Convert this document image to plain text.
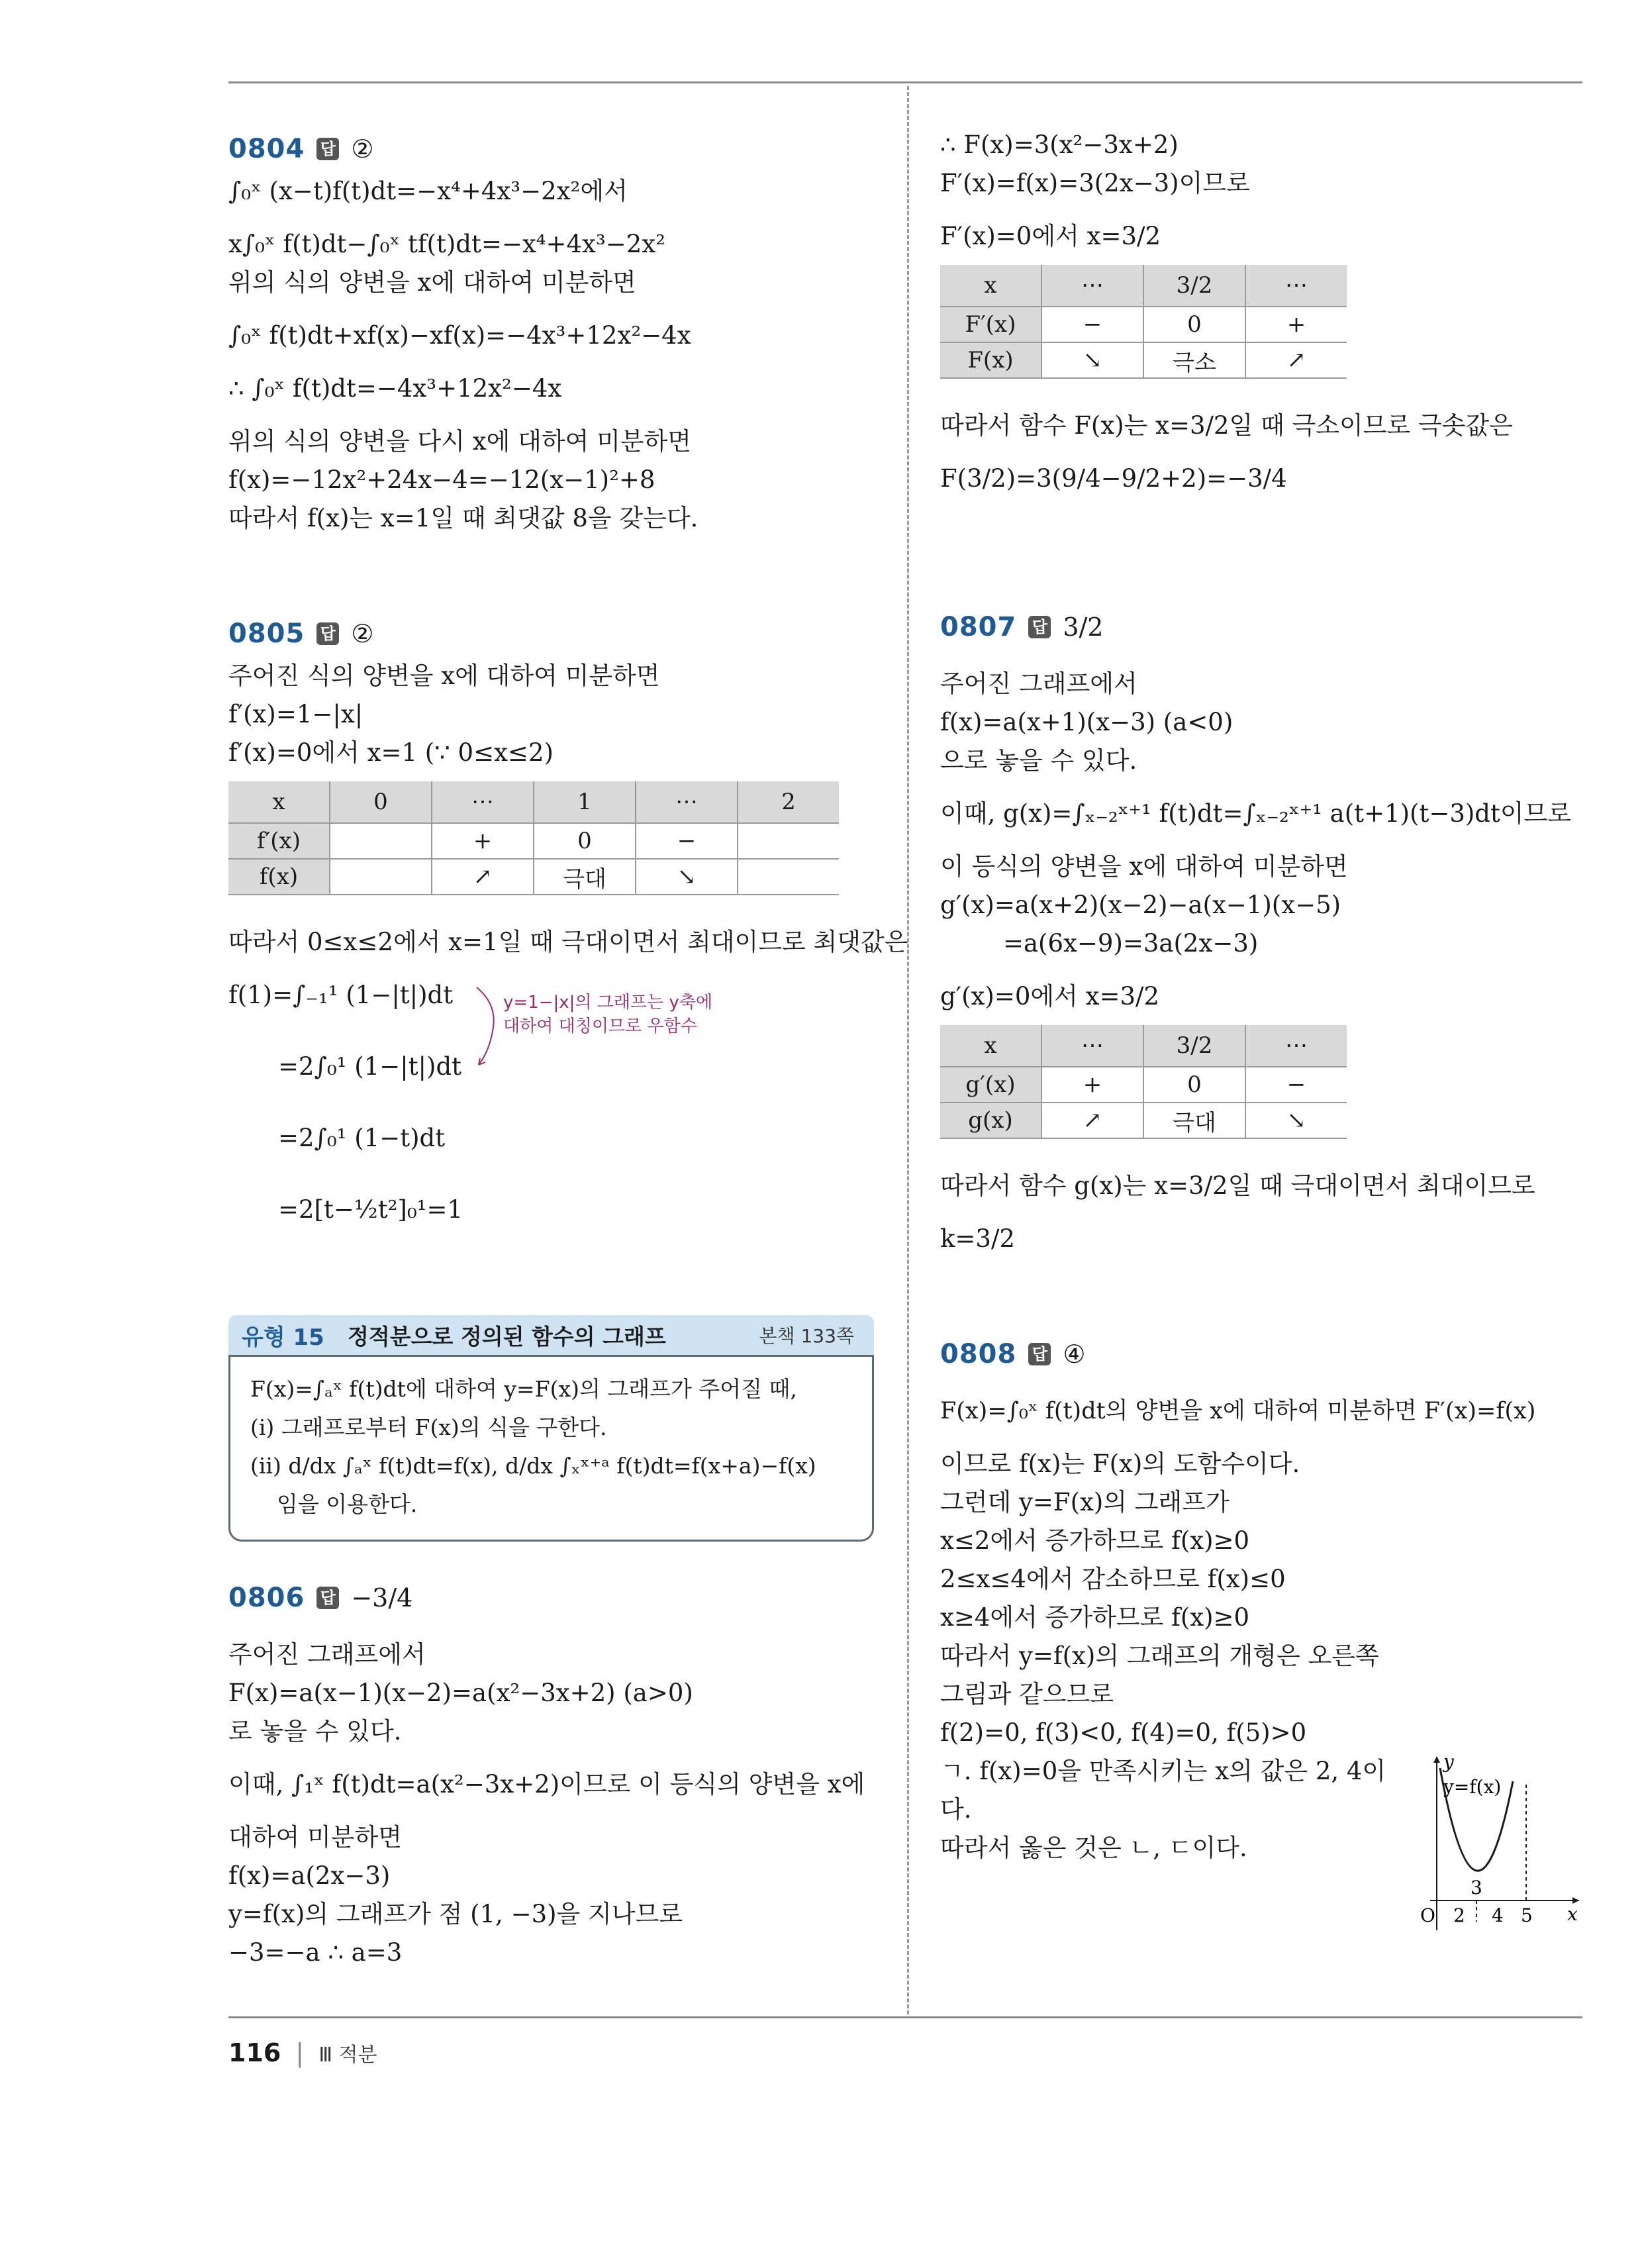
0804 답 ②
∫₀ˣ (x−t)f(t)dt=−x⁴+4x³−2x²에서
x∫₀ˣ f(t)dt−∫₀ˣ tf(t)dt=−x⁴+4x³−2x²
위의 식의 양변을 x에 대하여 미분하면
∫₀ˣ f(t)dt+xf(x)−xf(x)=−4x³+12x²−4x
∴ ∫₀ˣ f(t)dt=−4x³+12x²−4x
위의 식의 양변을 다시 x에 대하여 미분하면
f(x)=−12x²+24x−4=−12(x−1)²+8
따라서 f(x)는 x=1일 때 최댓값 8을 갖는다.
0805 답 ②
주어진 식의 양변을 x에 대하여 미분하면
f′(x)=1−|x|
f′(x)=0에서 x=1 (∵ 0≤x≤2)
x	0	⋯	1	⋯	2
f′(x)		+	0	−	
f(x)		↗	극대	↘	
따라서 0≤x≤2에서 x=1일 때 극대이면서 최대이므로 최댓값은
f(1)=∫₋₁¹ (1−|t|)dt
=2∫₀¹ (1−|t|)dt
=2∫₀¹ (1−t)dt
=2[t−½t²]₀¹=1
y=1−|x|의 그래프는 y축에
대하여 대칭이므로 우함수
유형 15	정적분으로 정의된 함수의 그래프	본책 133쪽
F(x)=∫ₐˣ f(t)dt에 대하여 y=F(x)의 그래프가 주어질 때,
(i) 그래프로부터 F(x)의 식을 구한다.
(ii) d/dx ∫ₐˣ f(t)dt=f(x), d/dx ∫ₓˣ⁺ᵃ f(t)dt=f(x+a)−f(x)
임을 이용한다.
0806 답 −3/4
주어진 그래프에서
F(x)=a(x−1)(x−2)=a(x²−3x+2) (a>0)
로 놓을 수 있다.
이때, ∫₁ˣ f(t)dt=a(x²−3x+2)이므로 이 등식의 양변을 x에
대하여 미분하면
f(x)=a(2x−3)
y=f(x)의 그래프가 점 (1, −3)을 지나므로
−3=−a ∴ a=3
∴ F(x)=3(x²−3x+2)
F′(x)=f(x)=3(2x−3)이므로
F′(x)=0에서 x=3/2
x	⋯	3/2	⋯
F′(x)	−	0	+
F(x)	↘	극소	↗
따라서 함수 F(x)는 x=3/2일 때 극소이므로 극솟값은
F(3/2)=3(9/4−9/2+2)=−3/4
0807 답 3/2
주어진 그래프에서
f(x)=a(x+1)(x−3) (a<0)
으로 놓을 수 있다.
이때, g(x)=∫ₓ₋₂ˣ⁺¹ f(t)dt=∫ₓ₋₂ˣ⁺¹ a(t+1)(t−3)dt이므로
이 등식의 양변을 x에 대하여 미분하면
g′(x)=a(x+2)(x−2)−a(x−1)(x−5)
=a(6x−9)=3a(2x−3)
g′(x)=0에서 x=3/2
x	⋯	3/2	⋯
g′(x)	+	0	−
g(x)	↗	극대	↘
따라서 함수 g(x)는 x=3/2일 때 극대이면서 최대이므로
k=3/2
0808 답 ④
F(x)=∫₀ˣ f(t)dt의 양변을 x에 대하여 미분하면 F′(x)=f(x)
이므로 f(x)는 F(x)의 도함수이다.
그런데 y=F(x)의 그래프가
x≤2에서 증가하므로 f(x)≥0
2≤x≤4에서 감소하므로 f(x)≤0
x≥4에서 증가하므로 f(x)≥0
따라서 y=f(x)의 그래프의 개형은 오른쪽
그림과 같으므로
f(2)=0, f(3)<0, f(4)=0, f(5)>0
ㄱ. f(x)=0을 만족시키는 x의 값은 2, 4이
다.
따라서 옳은 것은 ㄴ, ㄷ이다.
y
y=f(x)
x
O 2
3
4 5
116 | Ⅲ 적분
